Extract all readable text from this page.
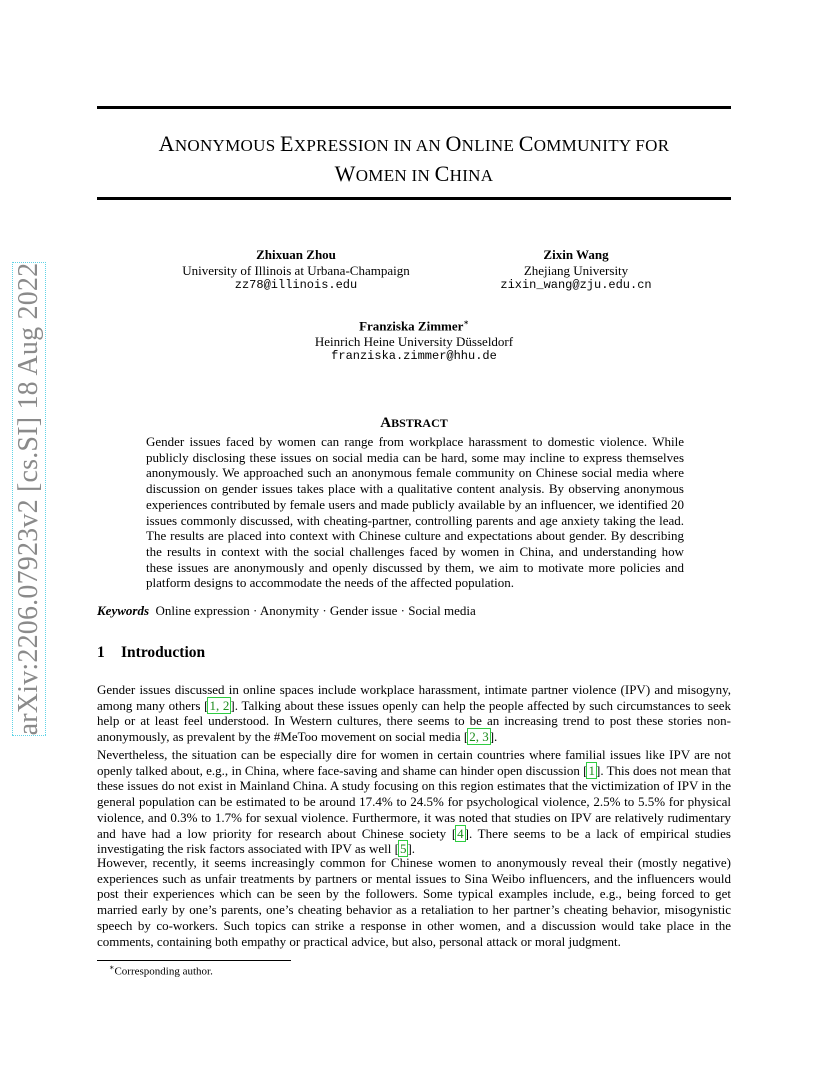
ANONYMOUS EXPRESSION IN AN ONLINE COMMUNITY FOR
WOMEN IN CHINA
Zhixuan Zhou
University of Illinois at Urbana-Champaign
zz78@illinois.edu
Zixin Wang
Zhejiang University
zixin_wang@zju.edu.cn
Franziska Zimmer∗
Heinrich Heine University Düsseldorf
franziska.zimmer@hhu.de
ABSTRACT

Gender issues faced by women can range from workplace harassment to domestic violence. While publicly disclosing these issues on social media can be hard, some may incline to express themselves anonymously. We approached such an anonymous female community on Chinese social media where discussion on gender issues takes place with a qualitative content analysis. By observing anonymous experiences contributed by female users and made publicly available by an influencer, we identified 20 issues commonly discussed, with cheating-partner, controlling parents and age anxiety taking the lead. The results are placed into context with Chinese culture and expectations about gender. By describing the results in context with the social challenges faced by women in China, and understanding how these issues are anonymously and openly discussed by them, we aim to motivate more policies and platform designs to accommodate the needs of the affected population.

Keywords Online expression · Anonymity · Gender issue · Social media
1 Introduction

Gender issues discussed in online spaces include workplace harassment, intimate partner violence (IPV) and misogyny, among many others [1, 2]. Talking about these issues openly can help the people affected by such circumstances to seek help or at least feel understood. In Western cultures, there seems to be an increasing trend to post these stories non-anonymously, as prevalent by the #MeToo movement on social media [2, 3].

Nevertheless, the situation can be especially dire for women in certain countries where familial issues like IPV are not openly talked about, e.g., in China, where face-saving and shame can hinder open discussion [1]. This does not mean that these issues do not exist in Mainland China. A study focusing on this region estimates that the victimization of IPV in the general population can be estimated to be around 17.4% to 24.5% for psychological violence, 2.5% to 5.5% for physical violence, and 0.3% to 1.7% for sexual violence. Furthermore, it was noted that studies on IPV are relatively rudimentary and have had a low priority for research about Chinese society [4]. There seems to be a lack of empirical studies investigating the risk factors associated with IPV as well [5].

However, recently, it seems increasingly common for Chinese women to anonymously reveal their (mostly negative) experiences such as unfair treatments by partners or mental issues to Sina Weibo influencers, and the influencers would post their experiences which can be seen by the followers. Some typical examples include, e.g., being forced to get married early by one’s parents, one’s cheating behavior as a retaliation to her partner’s cheating behavior, misogynistic speech by co-workers. Such topics can strike a response in other women, and a discussion would take place in the comments, containing both empathy or practical advice, but also, personal attack or moral judgment.

∗Corresponding author.
arXiv:2206.07923v2 [cs.SI] 18 Aug 2022
